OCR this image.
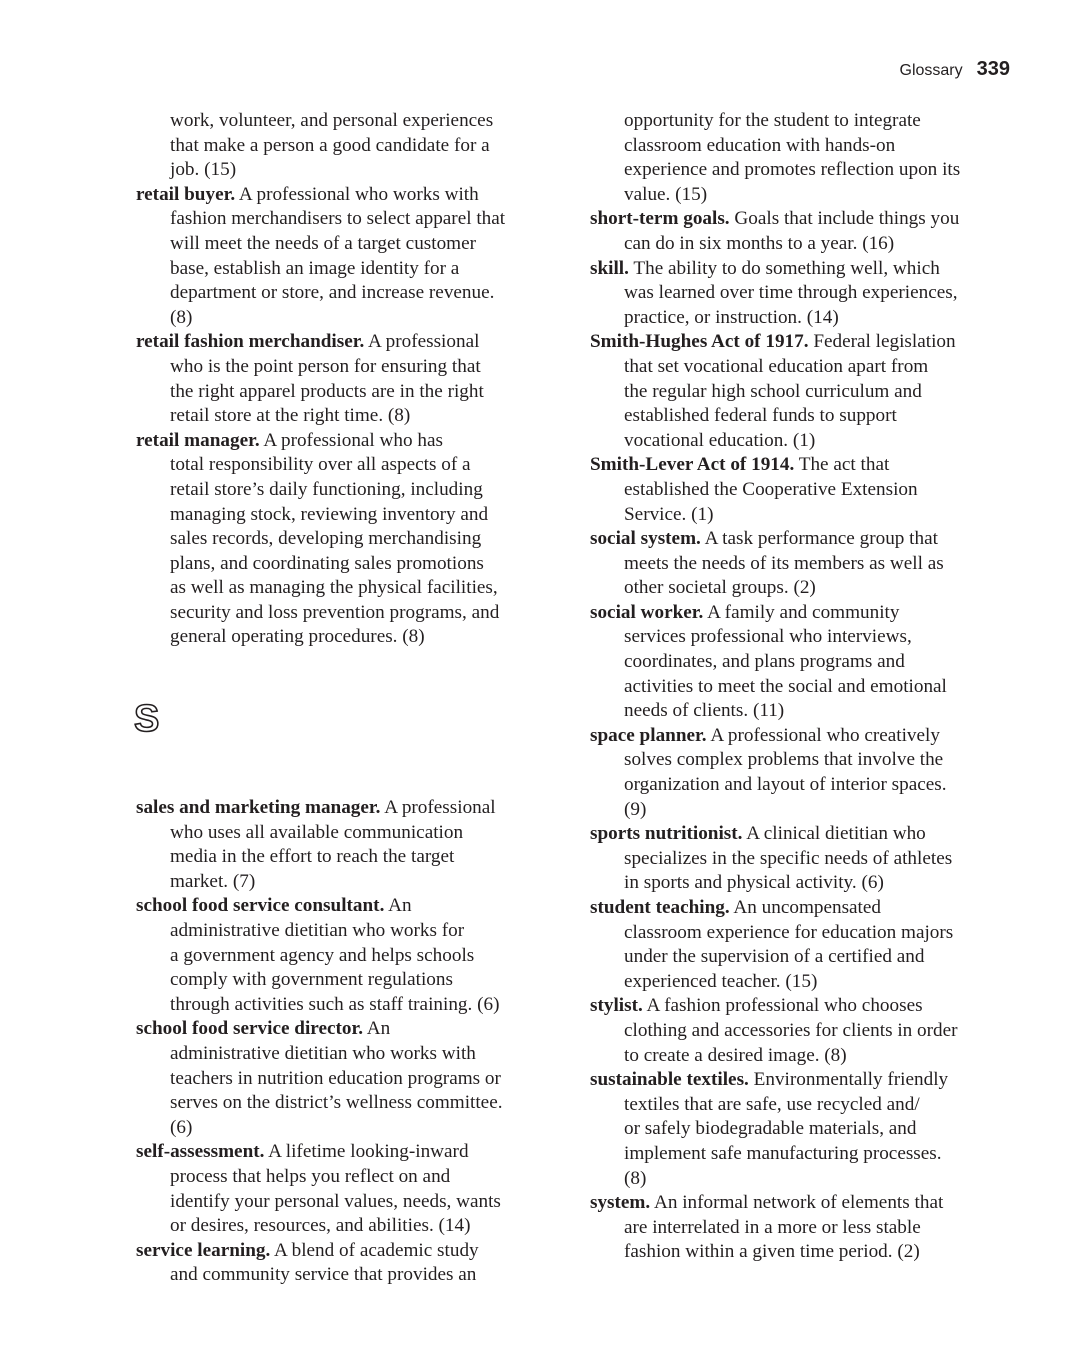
Glossary 339
work, volunteer, and personal experiences
that make a person a good candidate for a
job. (15)
retail buyer. A professional who works with
fashion merchandisers to select apparel that
will meet the needs of a target customer
base, establish an image identity for a
department or store, and increase revenue.
(8)
retail fashion merchandiser. A professional
who is the point person for ensuring that
the right apparel products are in the right
retail store at the right time. (8)
retail manager. A professional who has
total responsibility over all aspects of a
retail store’s daily functioning, including
managing stock, reviewing inventory and
sales records, developing merchandising
plans, and coordinating sales promotions
as well as managing the physical facilities,
security and loss prevention programs, and
general operating procedures. (8)
S
sales and marketing manager. A professional
who uses all available communication
media in the effort to reach the target
market. (7)
school food service consultant. An
administrative dietitian who works for
a government agency and helps schools
comply with government regulations
through activities such as staff training. (6)
school food service director. An
administrative dietitian who works with
teachers in nutrition education programs or
serves on the district’s wellness committee.
(6)
self-assessment. A lifetime looking-inward
process that helps you reflect on and
identify your personal values, needs, wants
or desires, resources, and abilities. (14)
service learning. A blend of academic study
and community service that provides an
opportunity for the student to integrate
classroom education with hands-on
experience and promotes reflection upon its
value. (15)
short-term goals. Goals that include things you
can do in six months to a year. (16)
skill. The ability to do something well, which
was learned over time through experiences,
practice, or instruction. (14)
Smith-Hughes Act of 1917. Federal legislation
that set vocational education apart from
the regular high school curriculum and
established federal funds to support
vocational education. (1)
Smith-Lever Act of 1914. The act that
established the Cooperative Extension
Service. (1)
social system. A task performance group that
meets the needs of its members as well as
other societal groups. (2)
social worker. A family and community
services professional who interviews,
coordinates, and plans programs and
activities to meet the social and emotional
needs of clients. (11)
space planner. A professional who creatively
solves complex problems that involve the
organization and layout of interior spaces.
(9)
sports nutritionist. A clinical dietitian who
specializes in the specific needs of athletes
in sports and physical activity. (6)
student teaching. An uncompensated
classroom experience for education majors
under the supervision of a certified and
experienced teacher. (15)
stylist. A fashion professional who chooses
clothing and accessories for clients in order
to create a desired image. (8)
sustainable textiles. Environmentally friendly
textiles that are safe, use recycled and/
or safely biodegradable materials, and
implement safe manufacturing processes.
(8)
system. An informal network of elements that
are interrelated in a more or less stable
fashion within a given time period. (2)
